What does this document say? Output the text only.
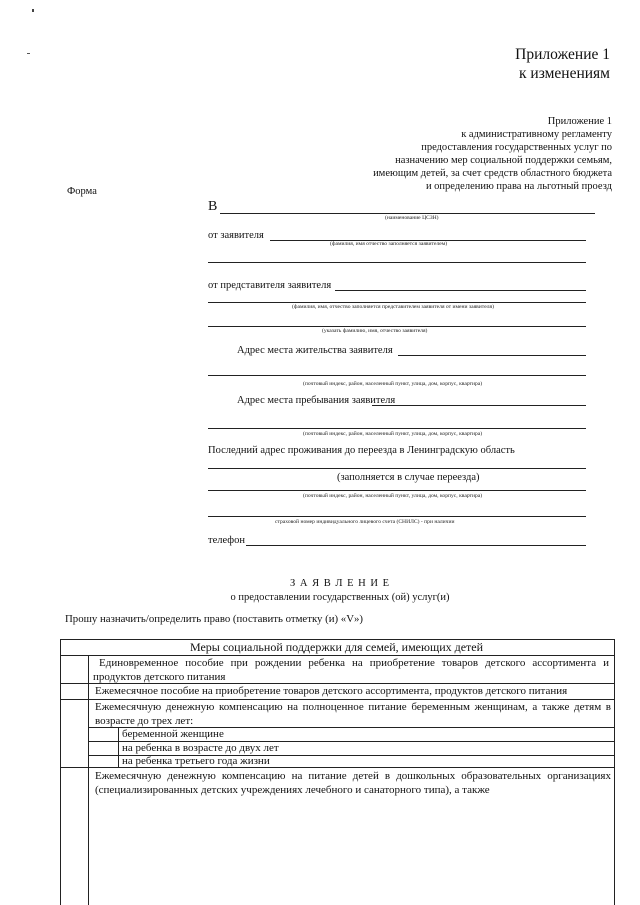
Приложение 1
к изменениям
Приложение 1
к административному регламенту
предоставления государственных услуг по
назначению мер социальной поддержки семьям,
имеющим детей, за счет средств областного бюджета
и определению права на льготный проезд
Форма
В
(наименование ЦСЗН)
от заявителя
(фамилия, имя отчество заполняется заявителем)
от представителя заявителя
(фамилия, имя, отчество заполняется представителем заявителя от имени заявителя)
(указать фамилию, имя, отчество заявителя)
Адрес места жительства заявителя
(почтовый индекс, район, населенный пункт, улица, дом, корпус, квартира)
Адрес места пребывания заявителя
(почтовый индекс, район, населенный пункт, улица, дом, корпус, квартира)
Последний адрес проживания до переезда в Ленинградскую область
(заполняется в случае переезда)
(почтовый индекс, район, населенный пункт, улица, дом, корпус, квартира)
страховой номер индивидуального лицевого счета (СНИЛС) - при наличии
телефон
З А Я В Л Е Н И Е
о предоставлении государственных (ой) услуг(и)
Прошу назначить/определить право (поставить отметку (и) «V»)
Меры социальной поддержки для семей, имеющих детей
Единовременное пособие при рождении ребенка на приобретение товаров детского ассортимента и продуктов детского питания
Ежемесячное пособие на приобретение товаров детского ассортимента, продуктов детского питания
Ежемесячную денежную компенсацию на полноценное питание беременным женщинам, а также детям в возрасте до трех лет:
беременной женщине
на ребенка в возрасте до двух лет
на ребенка третьего года жизни
Ежемесячную денежную компенсацию на питание детей в дошкольных образовательных организациях (специализированных детских учреждениях лечебного и санаторного типа), а также
